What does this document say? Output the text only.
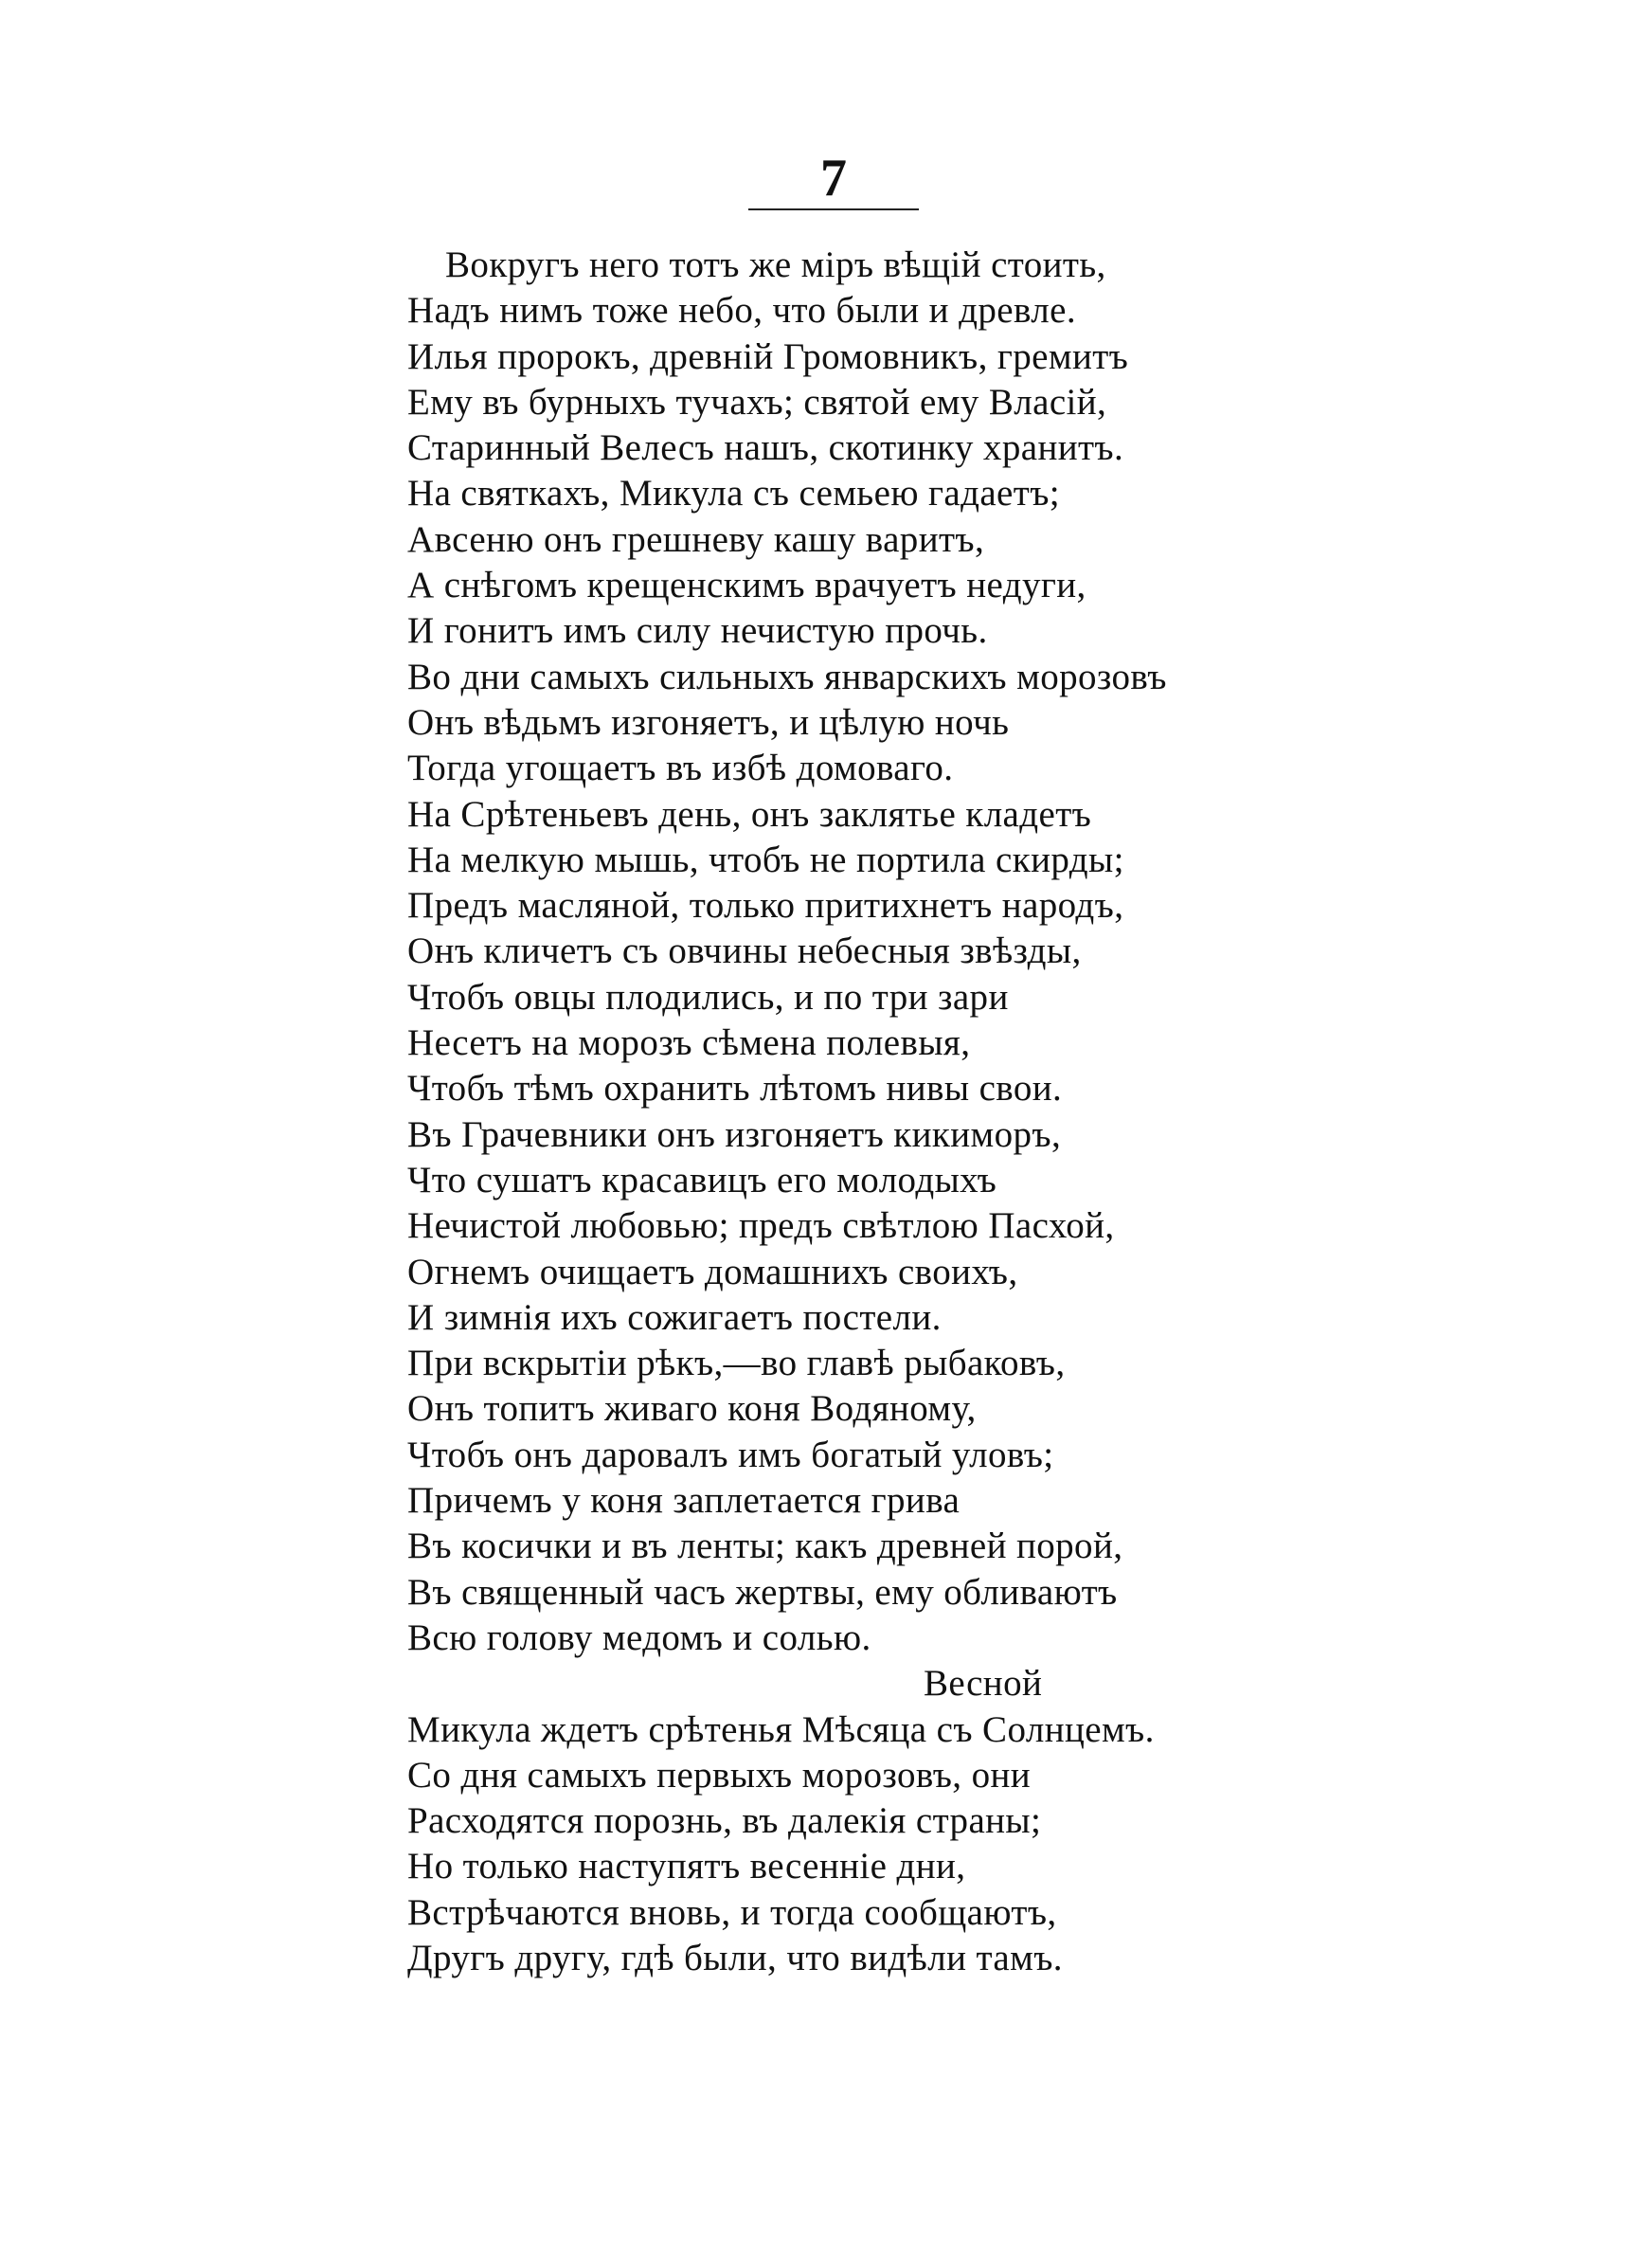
7
Вокругъ него тотъ же міръ вѣщій стоить,
Надъ нимъ тоже небо, что были и древле.
Илья пророкъ, древній Громовникъ, гремитъ
Ему въ бурныхъ тучахъ; святой ему Власій,
Старинный Велесъ нашъ, скотинку хранитъ.
На святкахъ, Микула съ семьею гадаетъ;
Авсеню онъ грешневу кашу варитъ,
А снѣгомъ крещенскимъ врачуетъ недуги,
И гонитъ имъ силу нечистую прочь.
Во дни самыхъ сильныхъ январскихъ морозовъ
Онъ вѣдьмъ изгоняетъ, и цѣлую ночь
Тогда угощаетъ въ избѣ домоваго.
На Срѣтеньевъ день, онъ заклятье кладетъ
На мелкую мышь, чтобъ не портила скирды;
Предъ масляной, только притихнетъ народъ,
Онъ кличетъ съ овчины небесныя звѣзды,
Чтобъ овцы плодились, и по три зари
Несетъ на морозъ сѣмена полевыя,
Чтобъ тѣмъ охранить лѣтомъ нивы свои.
Въ Грачевники онъ изгоняетъ кикиморъ,
Что сушатъ красавицъ его молодыхъ
Нечистой любовью; предъ свѣтлою Пасхой,
Огнемъ очищаетъ домашнихъ своихъ,
И зимнія ихъ сожигаетъ постели.
При вскрытіи рѣкъ,—во главѣ рыбаковъ,
Онъ топитъ живаго коня Водяному,
Чтобъ онъ даровалъ имъ богатый уловъ;
Причемъ у коня заплетается грива
Въ косички и въ ленты; какъ древней порой,
Въ священный часъ жертвы, ему обливаютъ
Всю голову медомъ и солью.
Весной
Микула ждетъ срѣтенья Мѣсяца съ Солнцемъ.
Со дня самыхъ первыхъ морозовъ, они
Расходятся порознь, въ далекія страны;
Но только наступятъ весенніе дни,
Встрѣчаются вновь, и тогда сообщаютъ,
Другъ другу, гдѣ были, что видѣли тамъ.
